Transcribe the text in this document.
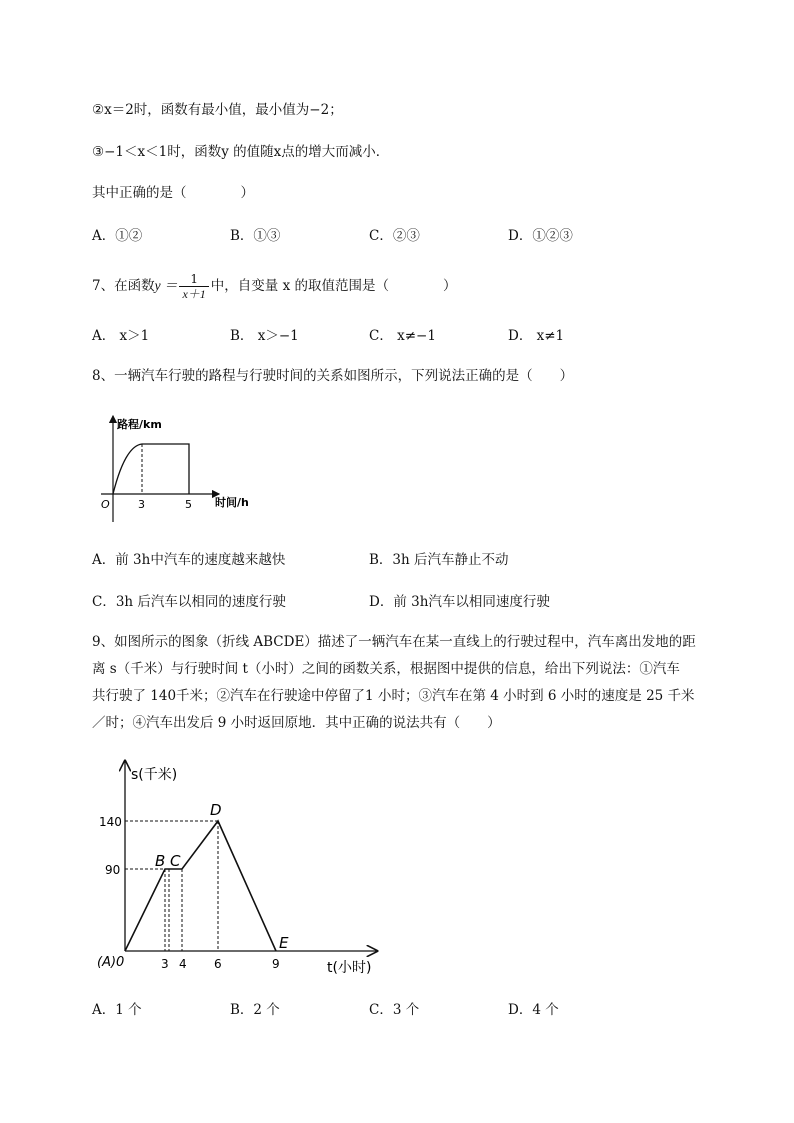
②x＝2时，函数有最小值，最小值为−2；
③−1＜x＜1时，函数y 的值随x点的增大而减小．
其中正确的是（　　　　）
A．①②	B．①③	C．②③	D．①②③
7、在函数$y = \frac{1}{x+1}$ 中，自变量 x 的取值范围是（　　　　）
A． x＞1	B． x＞−1	C． x≠−1	D． x≠1
8、一辆汽车行驶的路程与行驶时间的关系如图所示，下列说法正确的是（　　）
路程/km
时间/h
O	3	5
A．前 3h中汽车的速度越来越快	B．3h 后汽车静止不动
C．3h 后汽车以相同的速度行驶	D．前 3h汽车以相同速度行驶
9、如图所示的图象（折线 ABCDE）描述了一辆汽车在某一直线上的行驶过程中，汽车离出发地的距
离 s（千米）与行驶时间 t（小时）之间的函数关系，根据图中提供的信息，给出下列说法：①汽车
共行驶了 140千米；②汽车在行驶途中停留了1 小时；③汽车在第 4 小时到 6 小时的速度是 25 千米
／时；④汽车出发后 9 小时返回原地．其中正确的说法共有（　　）
s(千米)
t(小时)
(A)0
140
90
3 4 6	9
B C
D
E
A．1 个	B．2 个	C．3 个	D．4 个
